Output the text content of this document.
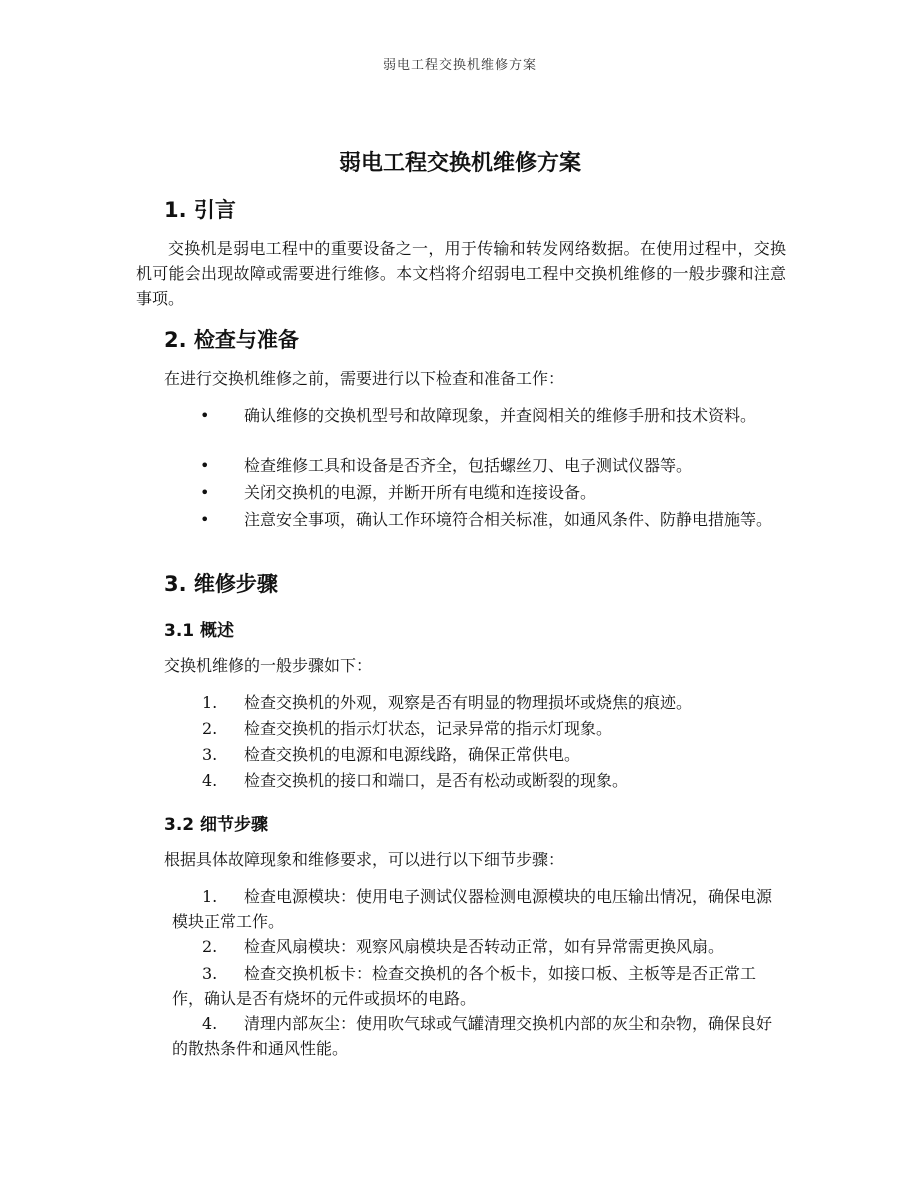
弱电工程交换机维修方案
弱电工程交换机维修方案
1. 引言
交换机是弱电工程中的重要设备之一，用于传输和转发网络数据。在使用过程中，交换机可能会出现故障或需要进行维修。本文档将介绍弱电工程中交换机维修的一般步骤和注意事项。
2. 检查与准备
在进行交换机维修之前，需要进行以下检查和准备工作：
• 确认维修的交换机型号和故障现象，并查阅相关的维修手册和技术资料。
• 检查维修工具和设备是否齐全，包括螺丝刀、电子测试仪器等。
• 关闭交换机的电源，并断开所有电缆和连接设备。
• 注意安全事项，确认工作环境符合相关标准，如通风条件、防静电措施等。
3. 维修步骤
3.1 概述
交换机维修的一般步骤如下：
1. 检查交换机的外观，观察是否有明显的物理损坏或烧焦的痕迹。
2. 检查交换机的指示灯状态，记录异常的指示灯现象。
3. 检查交换机的电源和电源线路，确保正常供电。
4. 检查交换机的接口和端口，是否有松动或断裂的现象。
3.2 细节步骤
根据具体故障现象和维修要求，可以进行以下细节步骤：
1. 检查电源模块：使用电子测试仪器检测电源模块的电压输出情况，确保电源模块正常工作。
2. 检查风扇模块：观察风扇模块是否转动正常，如有异常需更换风扇。
3. 检查交换机板卡：检查交换机的各个板卡，如接口板、主板等是否正常工作，确认是否有烧坏的元件或损坏的电路。
4. 清理内部灰尘：使用吹气球或气罐清理交换机内部的灰尘和杂物，确保良好的散热条件和通风性能。
